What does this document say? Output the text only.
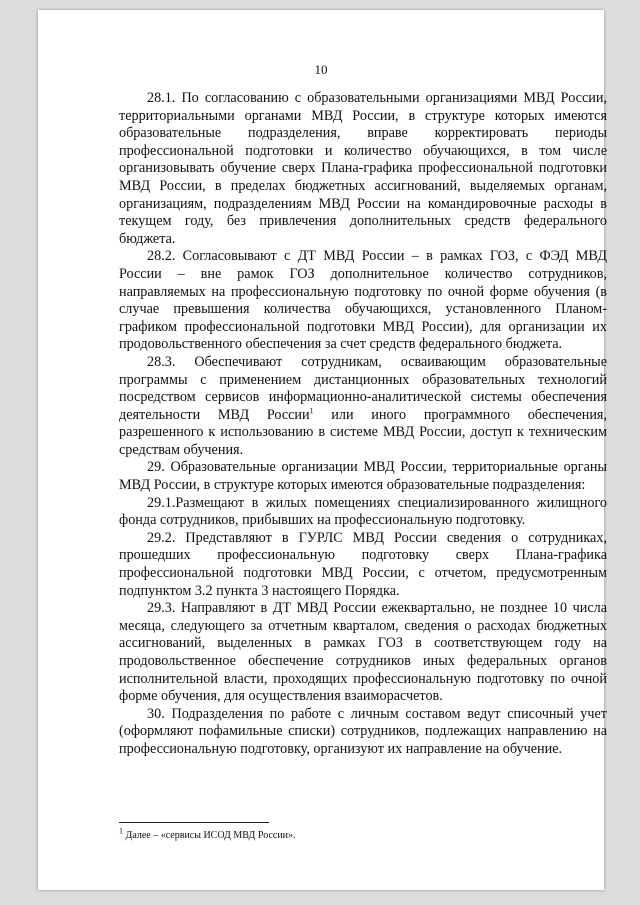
10

28.1. По согласованию с образовательными организациями МВД России, территориальными органами МВД России, в структуре которых имеются образовательные подразделения, вправе корректировать периоды профессиональной подготовки и количество обучающихся, в том числе организовывать обучение сверх Плана-графика профессиональной подготовки МВД России, в пределах бюджетных ассигнований, выделяемых органам, организациям, подразделениям МВД России на командировочные расходы в текущем году, без привлечения дополнительных средств федерального бюджета.

28.2. Согласовывают с ДТ МВД России – в рамках ГОЗ, с ФЭД МВД России – вне рамок ГОЗ дополнительное количество сотрудников, направляемых на профессиональную подготовку по очной форме обучения (в случае превышения количества обучающихся, установленного Планом-графиком профессиональной подготовки МВД России), для организации их продовольственного обеспечения за счет средств федерального бюджета.

28.3. Обеспечивают сотрудникам, осваивающим образовательные программы с применением дистанционных образовательных технологий посредством сервисов информационно-аналитической системы обеспечения деятельности МВД России$^1$ или иного программного обеспечения, разрешенного к использованию в системе МВД России, доступ к техническим средствам обучения.

29. Образовательные организации МВД России, территориальные органы МВД России, в структуре которых имеются образовательные подразделения:

29.1.Размещают в жилых помещениях специализированного жилищного фонда сотрудников, прибывших на профессиональную подготовку.

29.2. Представляют в ГУРЛС МВД России сведения о сотрудниках, прошедших профессиональную подготовку сверх Плана-графика профессиональной подготовки МВД России, с отчетом, предусмотренным подпунктом 3.2 пункта 3 настоящего Порядка.

29.3. Направляют в ДТ МВД России ежеквартально, не позднее 10 числа месяца, следующего за отчетным кварталом, сведения о расходах бюджетных ассигнований, выделенных в рамках ГОЗ в соответствующем году на продовольственное обеспечение сотрудников иных федеральных органов исполнительной власти, проходящих профессиональную подготовку по очной форме обучения, для осуществления взаиморасчетов.

30. Подразделения по работе с личным составом ведут списочный учет (оформляют пофамильные списки) сотрудников, подлежащих направлению на профессиональную подготовку, организуют их направление на обучение.

$^1$ Далее – «сервисы ИСОД МВД России».
